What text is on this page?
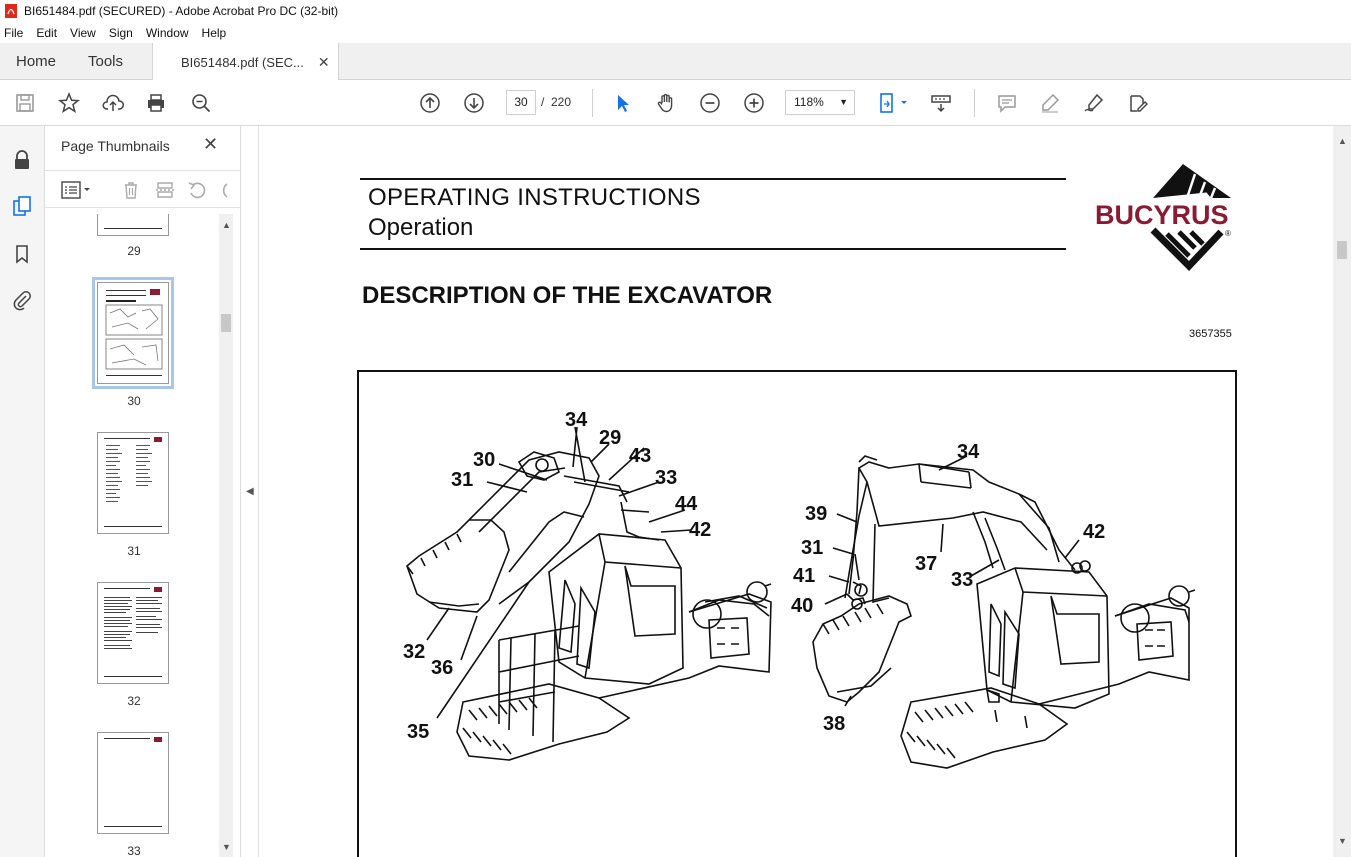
BI651484.pdf (SECURED) - Adobe Acrobat Pro DC (32-bit)
File Edit View Sign Window Help
Home Tools	BI651484.pdf (SEC... ✕
30	/ 220	118% ▼
Page Thumbnails ✕
29
30
31
32
33
▲
▼
◀
OPERATING INSTRUCTIONS
Operation	BUCYRUS
®
DESCRIPTION OF THE EXCAVATOR
3657355
34
29
30	43
31	33
44
42
32
36
35
34
42
39
31
37
33
41
40
38
▲
▼
